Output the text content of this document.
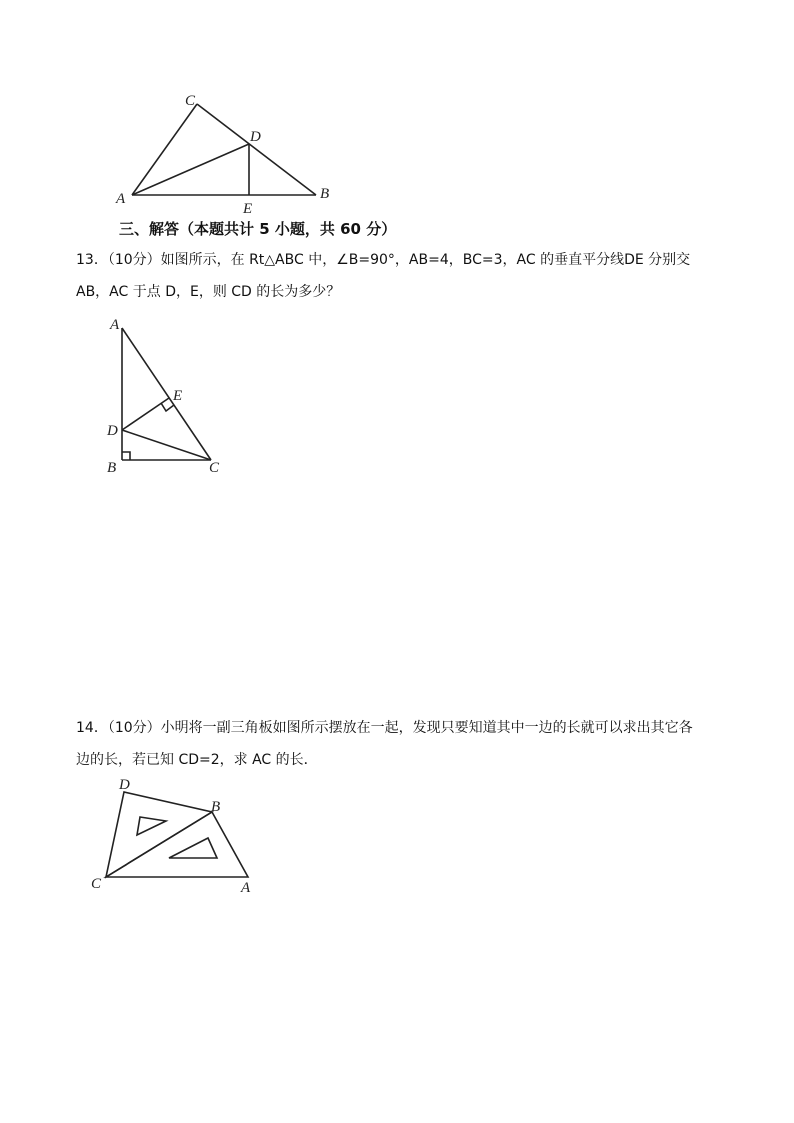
C
D
A	B
E
三、解答（本题共计 5 小题，共 60 分）
13．（10分）如图所示，在 Rt△ABC 中，∠B=90°，AB=4，BC=3，AC 的垂直平分线DE 分别交
AB，AC 于点 D，E，则 CD 的长为多少？
A
E
D
B	C
14．（10分）小明将一副三角板如图所示摆放在一起，发现只要知道其中一边的长就可以求出其它各
边的长，若已知 CD=2，求 AC 的长．
D
B
C	A
